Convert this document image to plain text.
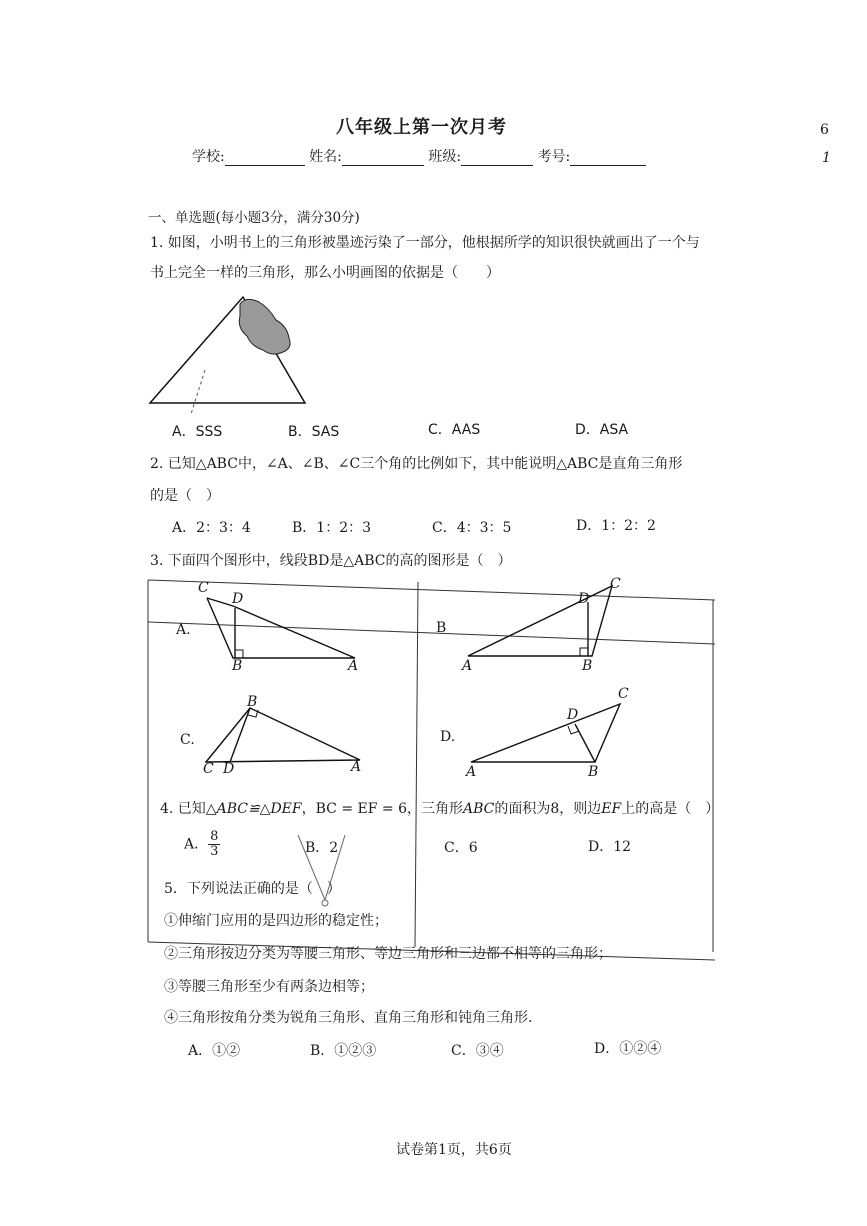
6
1
八年级上第一次月考
学校:	姓名:	班级:	考号:
一、单选题(每小题3分，满分30分)
1. 如图，小明书上的三角形被墨迹污染了一部分，他根据所学的知识很快就画出了一个与
书上完全一样的三角形，那么小明画图的依据是（　　）
A．SSS	B．SAS	C．AAS	D．ASA
2. 已知△ABC中，∠A、∠B、∠C三个角的比例如下，其中能说明△ABC是直角三角形
的是（　）
A．2：3：4	B．1：2：3	C．4：3：5	D．1：2：2
3. 下面四个图形中，线段BD是△ABC的高的图形是（　）
C
D
B	A
A.
C
D
A	B
B
B
C D	A
C.
C
D
A	B
D.
4. 已知△ABC≌△DEF，BC = EF = 6，三角形ABC的面积为8，则边EF上的高是（　）
A． $\frac{8}{3}$	B．2	C．6	D．12
5．下列说法正确的是（　）
①伸缩门应用的是四边形的稳定性；
②三角形按边分类为等腰三角形、等边三角形和三边都不相等的三角形；
③等腰三角形至少有两条边相等；
④三角形按角分类为锐角三角形、直角三角形和钝角三角形.
A．①②	B．①②③	C．③④	D．①②④
试卷第1页，共6页
